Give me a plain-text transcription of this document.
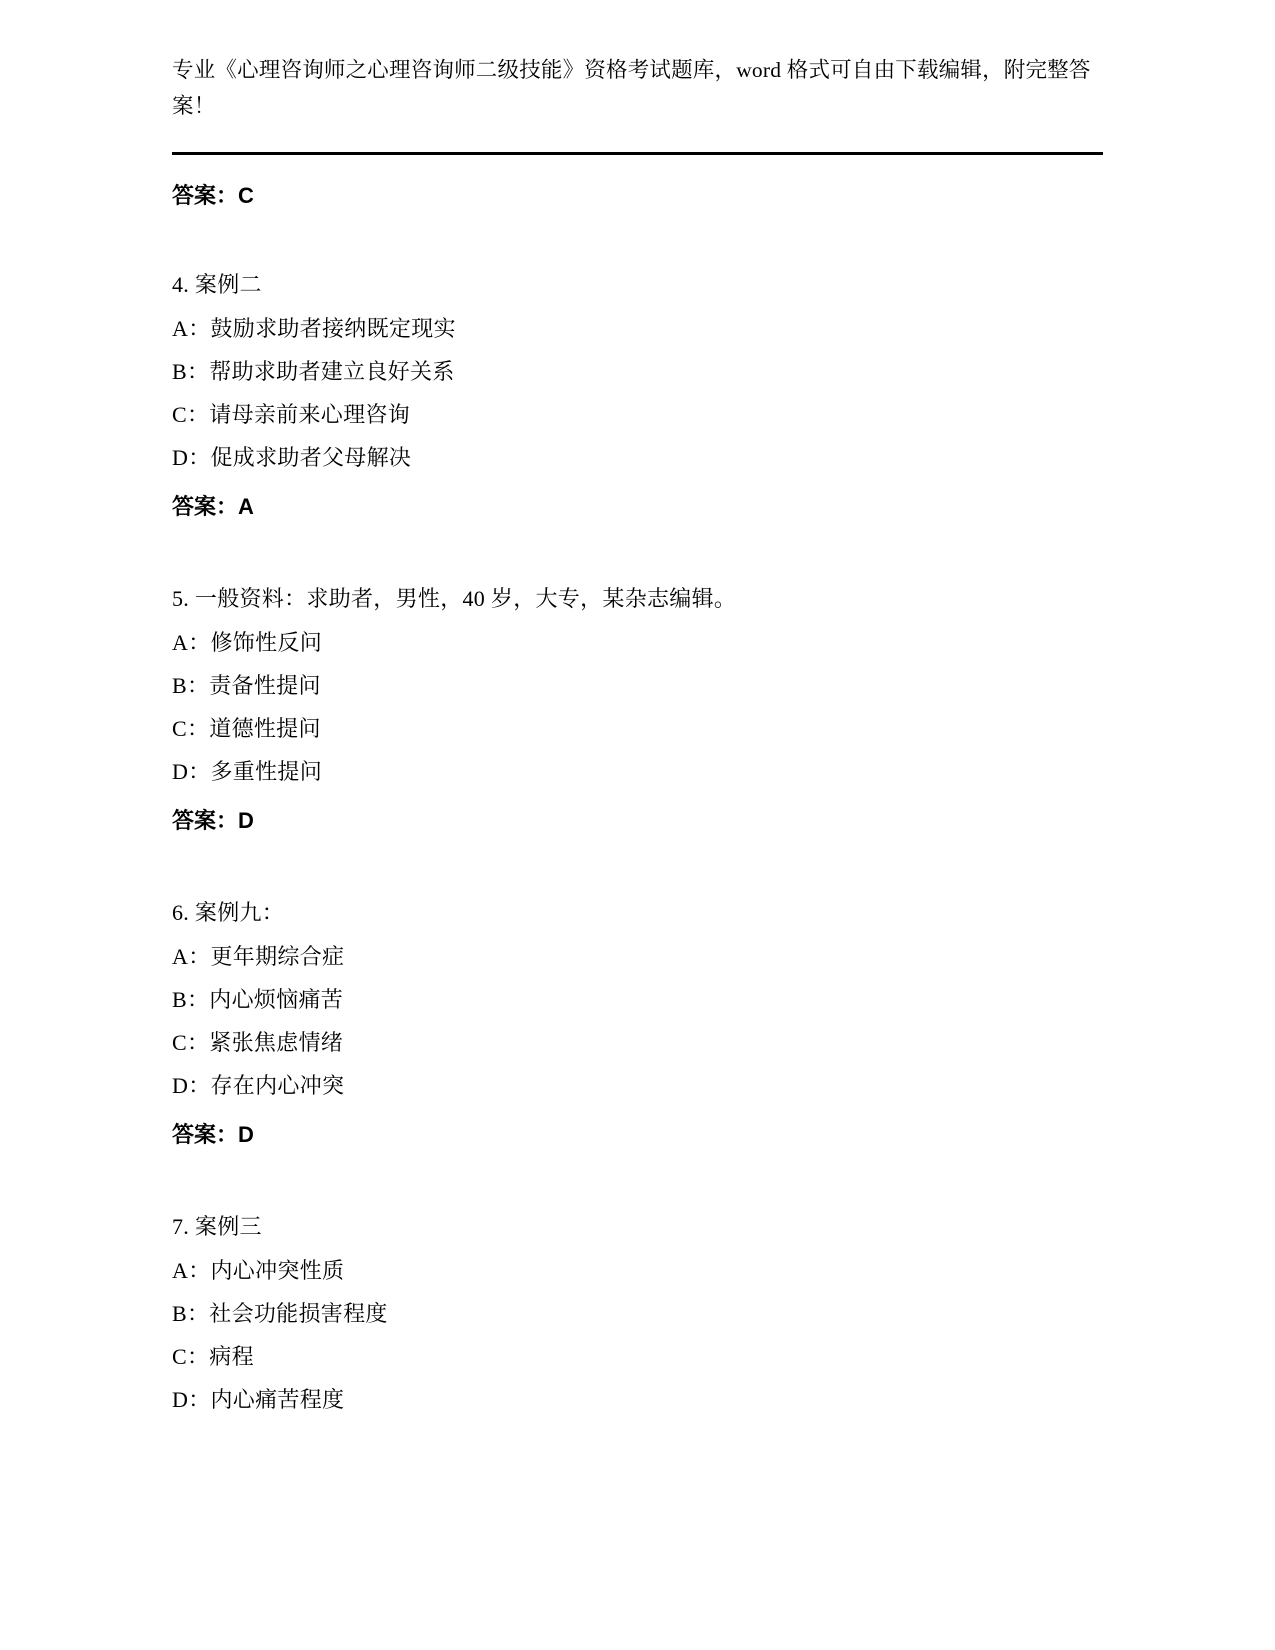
专业《心理咨询师之心理咨询师二级技能》资格考试题库，word 格式可自由下载编辑，附完整答案！
答案：C
4. 案例二
A：鼓励求助者接纳既定现实
B：帮助求助者建立良好关系
C：请母亲前来心理咨询
D：促成求助者父母解决
答案：A
5. 一般资料：求助者，男性，40 岁，大专，某杂志编辑。
A：修饰性反问
B：责备性提问
C：道德性提问
D：多重性提问
答案：D
6. 案例九：
A：更年期综合症
B：内心烦恼痛苦
C：紧张焦虑情绪
D：存在内心冲突
答案：D
7. 案例三
A：内心冲突性质
B：社会功能损害程度
C：病程
D：内心痛苦程度
